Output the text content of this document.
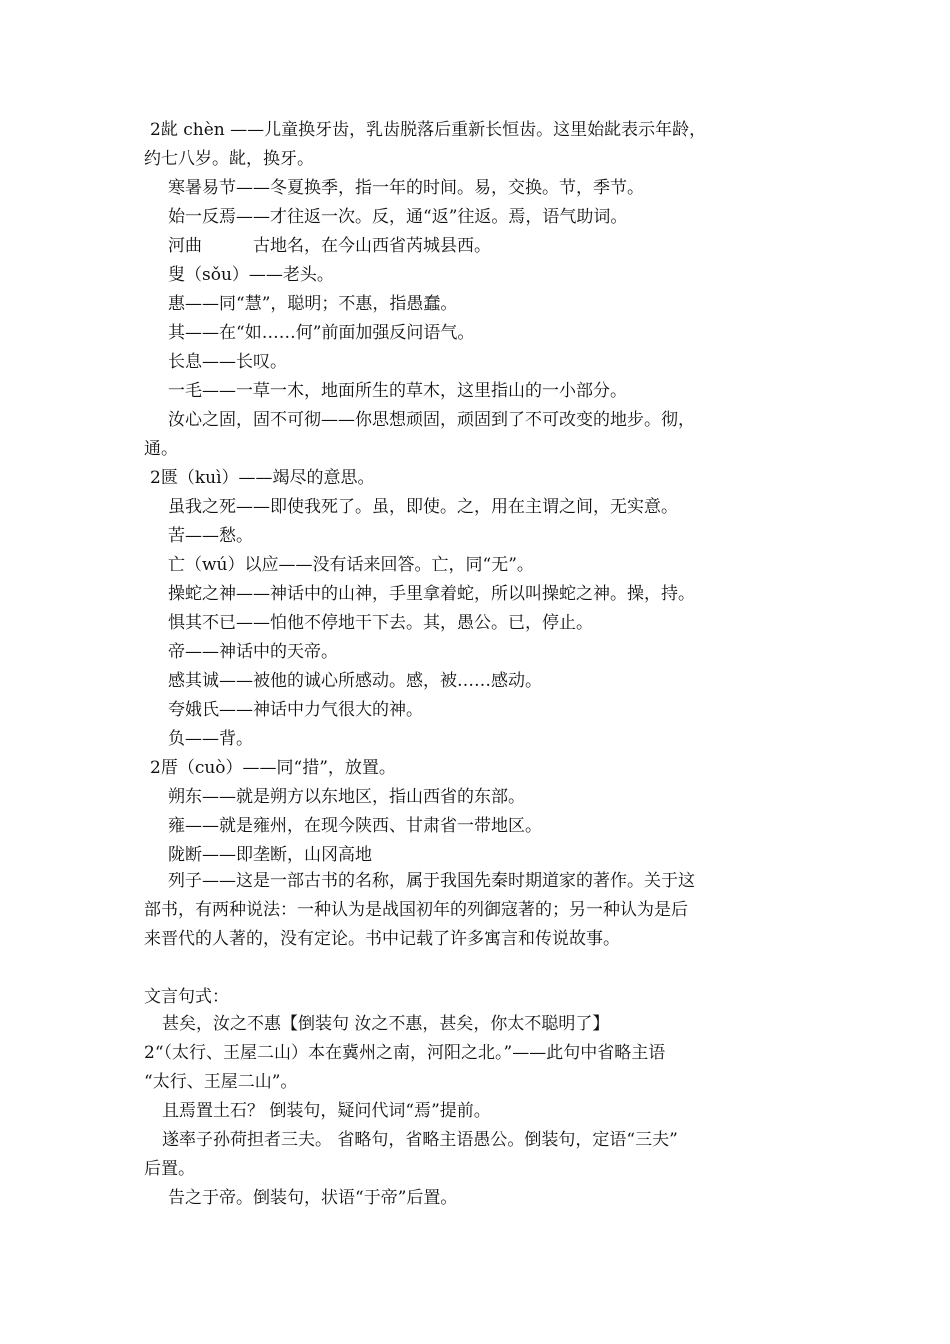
2龀 chèn ——儿童换牙齿，乳齿脱落后重新长恒齿。这里始龀表示年龄，
约七八岁。龀，换牙。
寒暑易节——冬夏换季，指一年的时间。易，交换。节，季节。
始一反焉——才往返一次。反，通“返”往返。焉，语气助词。
河曲　　　古地名，在今山西省芮城县西。
叟（sǒu）——老头。
惠——同“慧”，聪明；不惠，指愚蠢。
其——在“如……何”前面加强反问语气。
长息——长叹。
一毛——一草一木，地面所生的草木，这里指山的一小部分。
汝心之固，固不可彻——你思想顽固，顽固到了不可改变的地步。彻，
通。
2匮（kuì）——竭尽的意思。
虽我之死——即使我死了。虽，即使。之，用在主谓之间，无实意。
苦——愁。
亡（wú）以应——没有话来回答。亡，同“无”。
操蛇之神——神话中的山神，手里拿着蛇，所以叫操蛇之神。操，持。
惧其不已——怕他不停地干下去。其，愚公。已，停止。
帝——神话中的天帝。
感其诚——被他的诚心所感动。感，被……感动。
夸娥氏——神话中力气很大的神。
负——背。
2厝（cuò）——同“措”，放置。
朔东——就是朔方以东地区，指山西省的东部。
雍——就是雍州，在现今陕西、甘肃省一带地区。
陇断——即垄断，山冈高地
列子——这是一部古书的名称，属于我国先秦时期道家的著作。关于这
部书，有两种说法：一种认为是战国初年的列御寇著的；另一种认为是后
来晋代的人著的，没有定论。书中记载了许多寓言和传说故事。
文言句式：
甚矣，汝之不惠【倒装句 汝之不惠，甚矣，你太不聪明了】
2“（太行、王屋二山）本在冀州之南，河阳之北。”——此句中省略主语
“太行、王屋二山”。
且焉置土石？ 倒装句，疑问代词“焉”提前。
遂率子孙荷担者三夫。 省略句，省略主语愚公。倒装句，定语“三夫”
后置。
告之于帝。倒装句，状语“于帝”后置。
